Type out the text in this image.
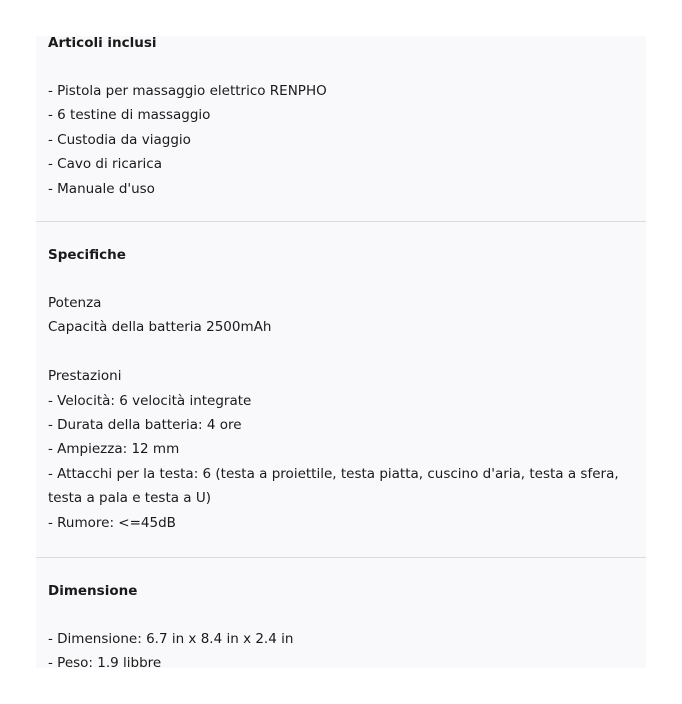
Articoli inclusi

- Pistola per massaggio elettrico RENPHO

- 6 testine di massaggio

- Custodia da viaggio

- Cavo di ricarica

- Manuale d'uso

Specifiche

Potenza

Capacità della batteria 2500mAh

Prestazioni

- Velocità: 6 velocità integrate

- Durata della batteria: 4 ore

- Ampiezza: 12 mm

- Attacchi per la testa: 6 (testa a proiettile, testa piatta, cuscino d'aria, testa a sfera, testa a pala e testa a U)

- Rumore: <=45dB

Dimensione

- Dimensione: 6.7 in x 8.4 in x 2.4 in

- Peso: 1.9 libbre
